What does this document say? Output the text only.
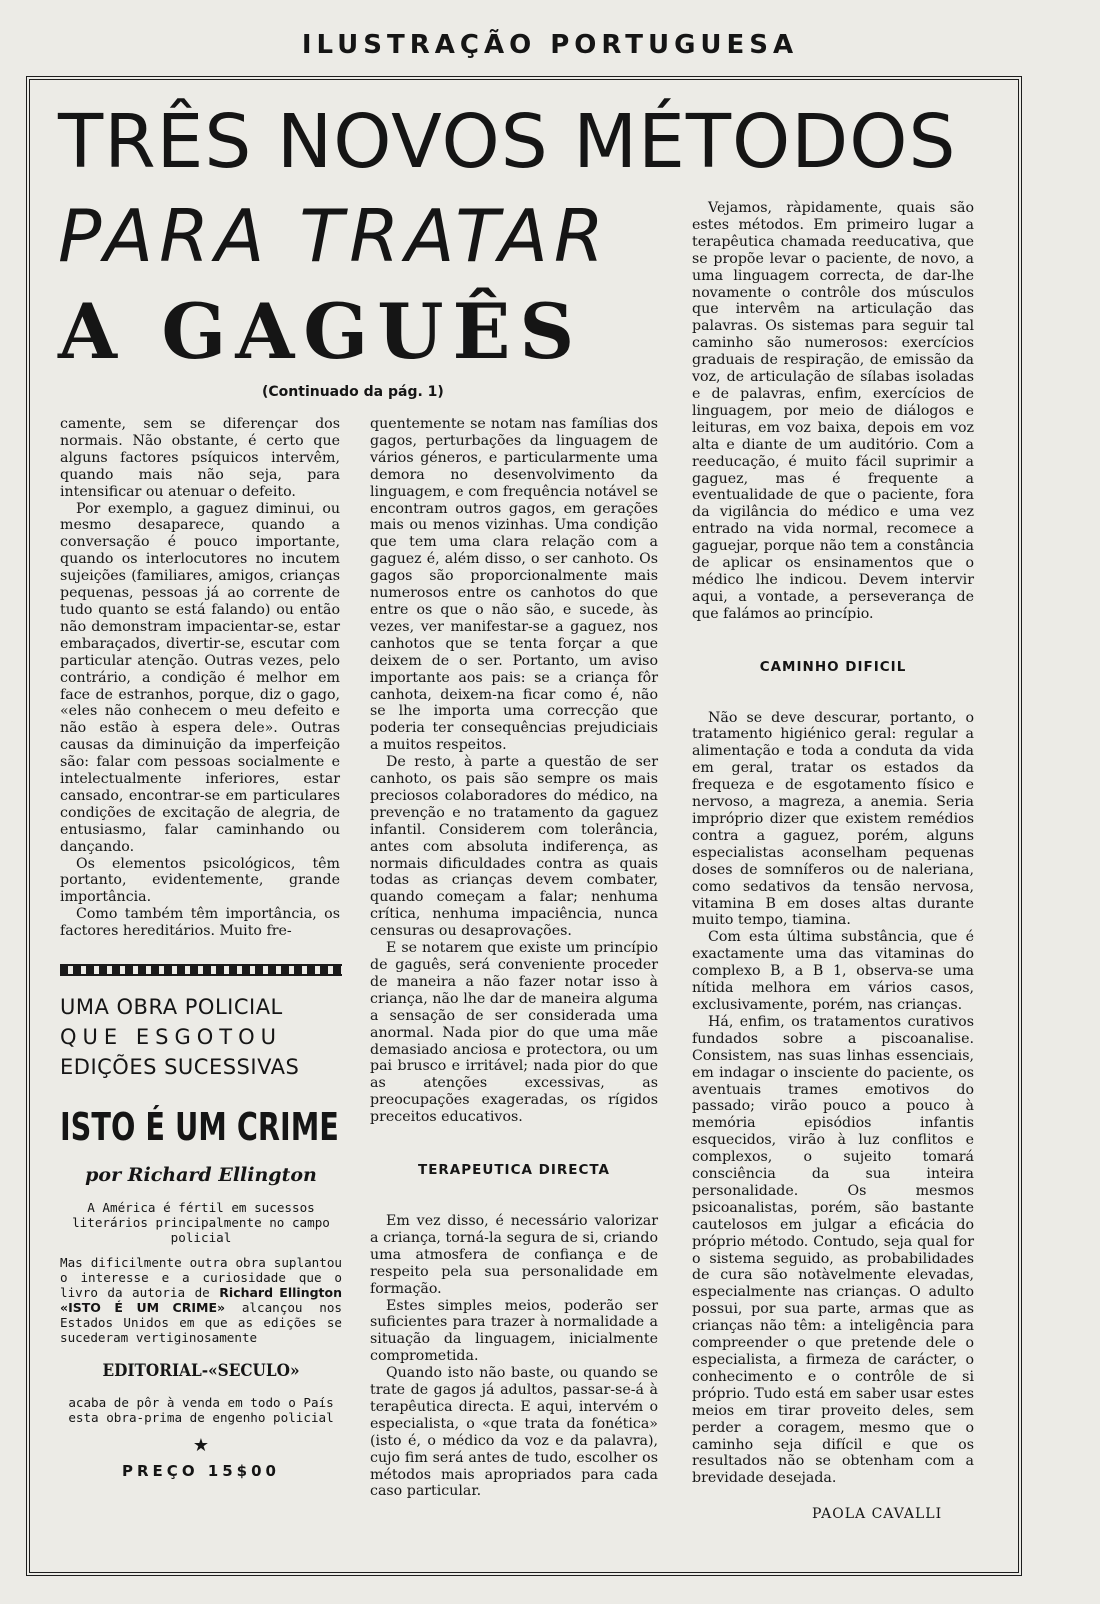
ILUSTRAÇÃO PORTUGUESA
TRÊS NOVOS MÉTODOS
PARA TRATAR
A GAGUÊS
(Continuado da pág. 1)

camente, sem se diferençar dos normais. Não obstante, é certo que alguns factores psíquicos intervêm, quando mais não seja, para intensificar ou atenuar o defeito.

Por exemplo, a gaguez diminui, ou mesmo desaparece, quando a conversação é pouco importante, quando os interlocutores no incutem sujeições (familiares, amigos, crianças pequenas, pessoas já ao corrente de tudo quanto se está falando) ou então não demonstram impacientar-se, estar embaraçados, divertir-se, escutar com particular atenção. Outras vezes, pelo contrário, a condição é melhor em face de estranhos, porque, diz o gago, «eles não conhecem o meu defeito e não estão à espera dele». Outras causas da diminuição da imperfeição são: falar com pessoas socialmente e intelectualmente inferiores, estar cansado, encontrar-se em particulares condições de excitação de alegria, de entusiasmo, falar caminhando ou dançando.

Os elementos psicológicos, têm portanto, evidentemente, grande importância.

Como também têm importância, os factores hereditários. Muito fre-

UMA OBRA POLICIAL
QUE ESGOTOU
EDIÇÕES SUCESSIVAS
ISTO É UM CRIME
por Richard Ellington
A América é fértil em sucessos literários principalmente no campo policial
Mas dificilmente outra obra suplantou o interesse e a curiosidade que o livro da autoria de Richard Ellington «ISTO É UM CRIME» alcançou nos Estados Unidos em que as edições se sucederam vertiginosamente
EDITORIAL-«SECULO»
acaba de pôr à venda em todo o País esta obra-prima de engenho policial
★
PREÇO 15$00

quentemente se notam nas famílias dos gagos, perturbações da linguagem de vários géneros, e particularmente uma demora no desenvolvimento da linguagem, e com frequência notável se encontram outros gagos, em gerações mais ou menos vizinhas. Uma condição que tem uma clara relação com a gaguez é, além disso, o ser canhoto. Os gagos são proporcionalmente mais numerosos entre os canhotos do que entre os que o não são, e sucede, às vezes, ver manifestar-se a gaguez, nos canhotos que se tenta forçar a que deixem de o ser. Portanto, um aviso importante aos pais: se a criança fôr canhota, deixem-na ficar como é, não se lhe importa uma correcção que poderia ter consequências prejudiciais a muitos respeitos.

De resto, à parte a questão de ser canhoto, os pais são sempre os mais preciosos colaboradores do médico, na prevenção e no tratamento da gaguez infantil. Considerem com tolerância, antes com absoluta indiferença, as normais dificuldades contra as quais todas as crianças devem combater, quando começam a falar; nenhuma crítica, nenhuma impaciência, nunca censuras ou desaprovações.

E se notarem que existe um princípio de gaguês, será conveniente proceder de maneira a não fazer notar isso à criança, não lhe dar de maneira alguma a sensação de ser considerada uma anormal. Nada pior do que uma mãe demasiado anciosa e protectora, ou um pai brusco e irritável; nada pior do que as atenções excessivas, as preocupações exageradas, os rígidos preceitos educativos.

TERAPEUTICA DIRECTA

Em vez disso, é necessário valorizar a criança, torná-la segura de si, criando uma atmosfera de confiança e de respeito pela sua personalidade em formação.

Estes simples meios, poderão ser suficientes para trazer à normalidade a situação da linguagem, inicialmente comprometida.

Quando isto não baste, ou quando se trate de gagos já adultos, passar-se-á à terapêutica directa. E aqui, intervém o especialista, o «que trata da fonética» (isto é, o médico da voz e da palavra), cujo fim será antes de tudo, escolher os métodos mais apropriados para cada caso particular.

Vejamos, ràpidamente, quais são estes métodos. Em primeiro lugar a terapêutica chamada reeducativa, que se propõe levar o paciente, de novo, a uma linguagem correcta, de dar-lhe novamente o contrôle dos músculos que intervêm na articulação das palavras. Os sistemas para seguir tal caminho são numerosos: exercícios graduais de respiração, de emissão da voz, de articulação de sílabas isoladas e de palavras, enfim, exercícios de linguagem, por meio de diálogos e leituras, em voz baixa, depois em voz alta e diante de um auditório. Com a reeducação, é muito fácil suprimir a gaguez, mas é frequente a eventualidade de que o paciente, fora da vigilância do médico e uma vez entrado na vida normal, recomece a gaguejar, porque não tem a constância de aplicar os ensinamentos que o médico lhe indicou. Devem intervir aqui, a vontade, a perseverança de que falámos ao princípio.

CAMINHO DIFICIL

Não se deve descurar, portanto, o tratamento higiénico geral: regular a alimentação e toda a conduta da vida em geral, tratar os estados da frequeza e de esgotamento físico e nervoso, a magreza, a anemia. Seria impróprio dizer que existem remédios contra a gaguez, porém, alguns especialistas aconselham pequenas doses de somníferos ou de naleriana, como sedativos da tensão nervosa, vitamina B em doses altas durante muito tempo, tiamina.

Com esta última substância, que é exactamente uma das vitaminas do complexo B, a B 1, observa-se uma nítida melhora em vários casos, exclusivamente, porém, nas crianças.

Há, enfim, os tratamentos curativos fundados sobre a piscoanalise. Consistem, nas suas linhas essenciais, em indagar o insciente do paciente, os aventuais trames emotivos do passado; virão pouco a pouco à memória episódios infantis esquecidos, virão à luz conflitos e complexos, o sujeito tomará consciência da sua inteira personalidade. Os mesmos psicoanalistas, porém, são bastante cautelosos em julgar a eficácia do próprio método. Contudo, seja qual for o sistema seguido, as probabilidades de cura são notàvelmente elevadas, especialmente nas crianças. O adulto possui, por sua parte, armas que as crianças não têm: a inteligência para compreender o que pretende dele o especialista, a firmeza de carácter, o conhecimento e o contrôle de si próprio. Tudo está em saber usar estes meios em tirar proveito deles, sem perder a coragem, mesmo que o caminho seja difícil e que os resultados não se obtenham com a brevidade desejada.

PAOLA CAVALLI
